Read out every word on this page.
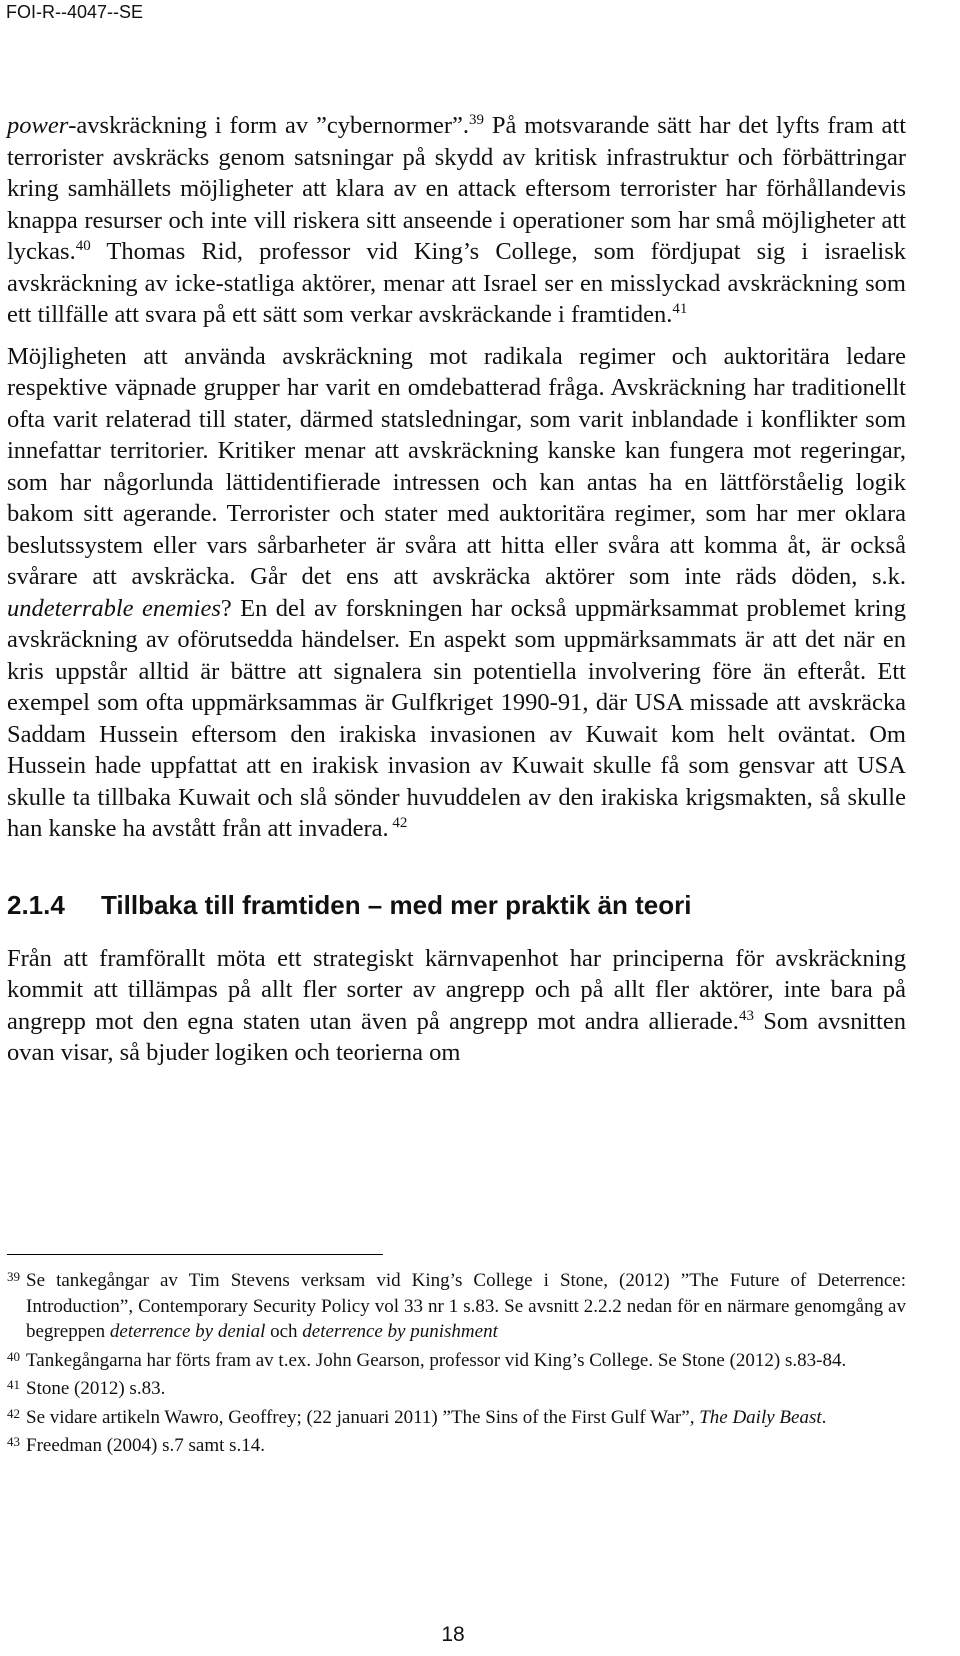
FOI-R--4047--SE

power-avskräckning i form av ”cybernormer”.$^{39}$ På motsvarande sätt har det lyfts fram att terrorister avskräcks genom satsningar på skydd av kritisk infrastruktur och förbättringar kring samhällets möjligheter att klara av en attack eftersom terrorister har förhållandevis knappa resurser och inte vill riskera sitt anseende i operationer som har små möjligheter att lyckas.$^{40}$ Thomas Rid, professor vid King’s College, som fördjupat sig i israelisk avskräckning av icke-statliga aktörer, menar att Israel ser en misslyckad avskräckning som ett tillfälle att svara på ett sätt som verkar avskräckande i framtiden.$^{41}$

Möjligheten att använda avskräckning mot radikala regimer och auktoritära ledare respektive väpnade grupper har varit en omdebatterad fråga. Avskräckning har traditionellt ofta varit relaterad till stater, därmed statsledningar, som varit inblandade i konflikter som innefattar territorier. Kritiker menar att avskräckning kanske kan fungera mot regeringar, som har någorlunda lättidentifierade intressen och kan antas ha en lättförståelig logik bakom sitt agerande. Terrorister och stater med auktoritära regimer, som har mer oklara beslutssystem eller vars sårbarheter är svåra att hitta eller svåra att komma åt, är också svårare att avskräcka. Går det ens att avskräcka aktörer som inte räds döden, s.k. undeterrable enemies? En del av forskningen har också uppmärksammat problemet kring avskräckning av oförutsedda händelser. En aspekt som uppmärksammats är att det när en kris uppstår alltid är bättre att signalera sin potentiella involvering före än efteråt. Ett exempel som ofta uppmärksammas är Gulfkriget 1990-91, där USA missade att avskräcka Saddam Hussein eftersom den irakiska invasionen av Kuwait kom helt oväntat. Om Hussein hade uppfattat att en irakisk invasion av Kuwait skulle få som gensvar att USA skulle ta tillbaka Kuwait och slå sönder huvuddelen av den irakiska krigsmakten, så skulle han kanske ha avstått från att invadera. $^{42}$

2.1.4 Tillbaka till framtiden – med mer praktik än teori

Från att framförallt möta ett strategiskt kärnvapenhot har principerna för avskräckning kommit att tillämpas på allt fler sorter av angrepp och på allt fler aktörer, inte bara på angrepp mot den egna staten utan även på angrepp mot andra allierade.$^{43}$ Som avsnitten ovan visar, så bjuder logiken och teorierna om

39 Se tankegångar av Tim Stevens verksam vid King’s College i Stone, (2012) ”The Future of Deterrence: Introduction”, Contemporary Security Policy vol 33 nr 1 s.83. Se avsnitt 2.2.2 nedan för en närmare genomgång av begreppen deterrence by denial och deterrence by punishment
40 Tankegångarna har förts fram av t.ex. John Gearson, professor vid King’s College. Se Stone (2012) s.83-84.
41 Stone (2012) s.83.
42 Se vidare artikeln Wawro, Geoffrey; (22 januari 2011) ”The Sins of the First Gulf War”, The Daily Beast.
43 Freedman (2004) s.7 samt s.14.
18
